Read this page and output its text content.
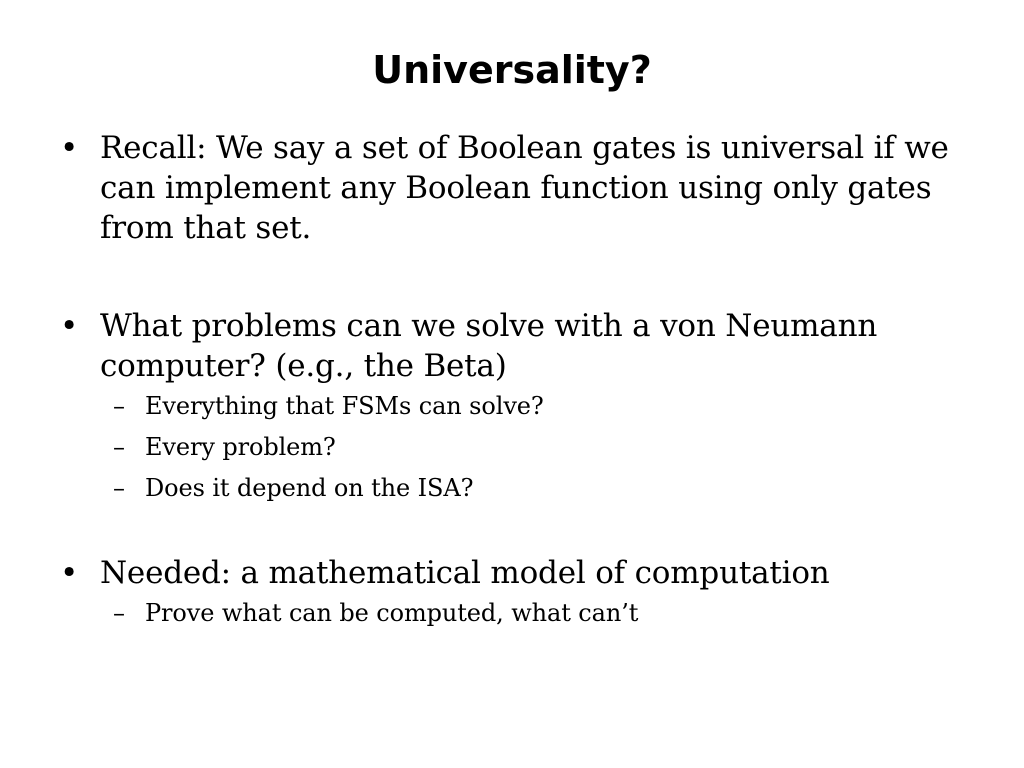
Universality?
• Recall: We say a set of Boolean gates is universal if we can implement any Boolean function using only gates from that set.
• What problems can we solve with a von Neumann computer? (e.g., the Beta)
– Everything that FSMs can solve?
– Every problem?
– Does it depend on the ISA?
• Needed: a mathematical model of computation
– Prove what can be computed, what can’t
